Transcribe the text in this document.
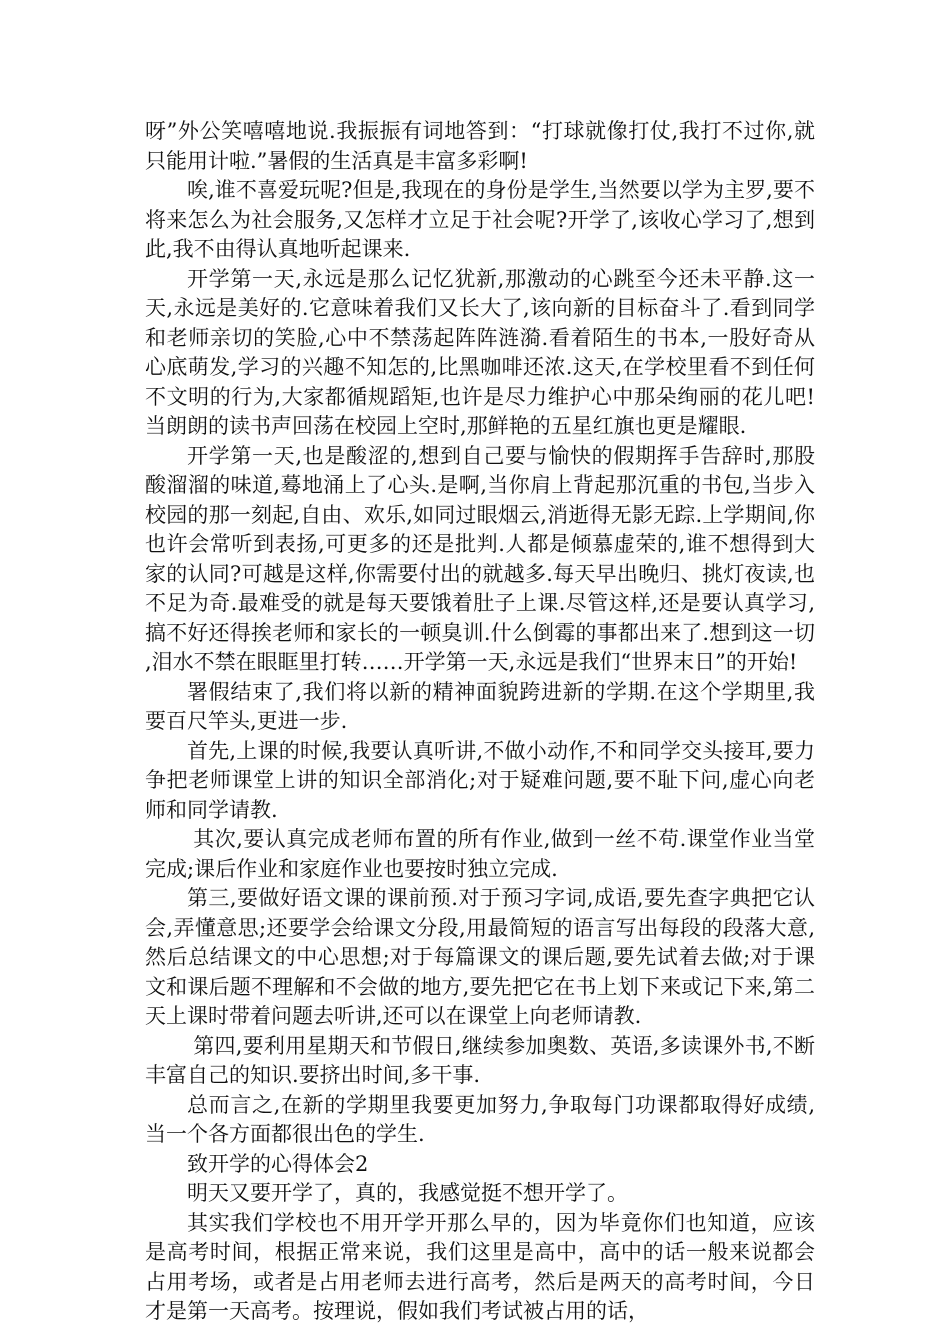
呀”外公笑嘻嘻地说.我振振有词地答到：“打球就像打仗,我打不过你,就只能用计啦.”暑假的生活真是丰富多彩啊!

唉,谁不喜爱玩呢?但是,我现在的身份是学生,当然要以学为主罗,要不将来怎么为社会服务,又怎样才立足于社会呢?开学了,该收心学习了,想到此,我不由得认真地听起课来.

开学第一天,永远是那么记忆犹新,那激动的心跳至今还未平静.这一天,永远是美好的.它意味着我们又长大了,该向新的目标奋斗了.看到同学和老师亲切的笑脸,心中不禁荡起阵阵涟漪.看着陌生的书本,一股好奇从心底萌发,学习的兴趣不知怎的,比黑咖啡还浓.这天,在学校里看不到任何不文明的行为,大家都循规蹈矩,也许是尽力维护心中那朵绚丽的花儿吧!当朗朗的读书声回荡在校园上空时,那鲜艳的五星红旗也更是耀眼.

开学第一天,也是酸涩的,想到自己要与愉快的假期挥手告辞时,那股酸溜溜的味道,蓦地涌上了心头.是啊,当你肩上背起那沉重的书包,当步入校园的那一刻起,自由、欢乐,如同过眼烟云,消逝得无影无踪.上学期间,你也许会常听到表扬,可更多的还是批判.人都是倾慕虚荣的,谁不想得到大家的认同?可越是这样,你需要付出的就越多.每天早出晚归、挑灯夜读,也不足为奇.最难受的就是每天要饿着肚子上课.尽管这样,还是要认真学习,搞不好还得挨老师和家长的一顿臭训.什么倒霉的事都出来了.想到这一切,泪水不禁在眼眶里打转……开学第一天,永远是我们“世界末日”的开始!

署假结束了,我们将以新的精神面貌跨进新的学期.在这个学期里,我要百尺竿头,更进一步.

首先,上课的时候,我要认真听讲,不做小动作,不和同学交头接耳,要力争把老师课堂上讲的知识全部消化;对于疑难问题,要不耻下问,虚心向老师和同学请教.

其次,要认真完成老师布置的所有作业,做到一丝不苟.课堂作业当堂完成;课后作业和家庭作业也要按时独立完成.

第三,要做好语文课的课前预.对于预习字词,成语,要先查字典把它认会,弄懂意思;还要学会给课文分段,用最简短的语言写出每段的段落大意,然后总结课文的中心思想;对于每篇课文的课后题,要先试着去做;对于课文和课后题不理解和不会做的地方,要先把它在书上划下来或记下来,第二天上课时带着问题去听讲,还可以在课堂上向老师请教.

第四,要利用星期天和节假日,继续参加奥数、英语,多读课外书,不断丰富自己的知识.要挤出时间,多干事.

总而言之,在新的学期里我要更加努力,争取每门功课都取得好成绩,当一个各方面都很出色的学生.

致开学的心得体会2

明天又要开学了，真的，我感觉挺不想开学了。

其实我们学校也不用开学开那么早的，因为毕竟你们也知道，应该是高考时间，根据正常来说，我们这里是高中，高中的话一般来说都会占用考场，或者是占用老师去进行高考，然后是两天的高考时间，今日才是第一天高考。按理说，假如我们考试被占用的话，
